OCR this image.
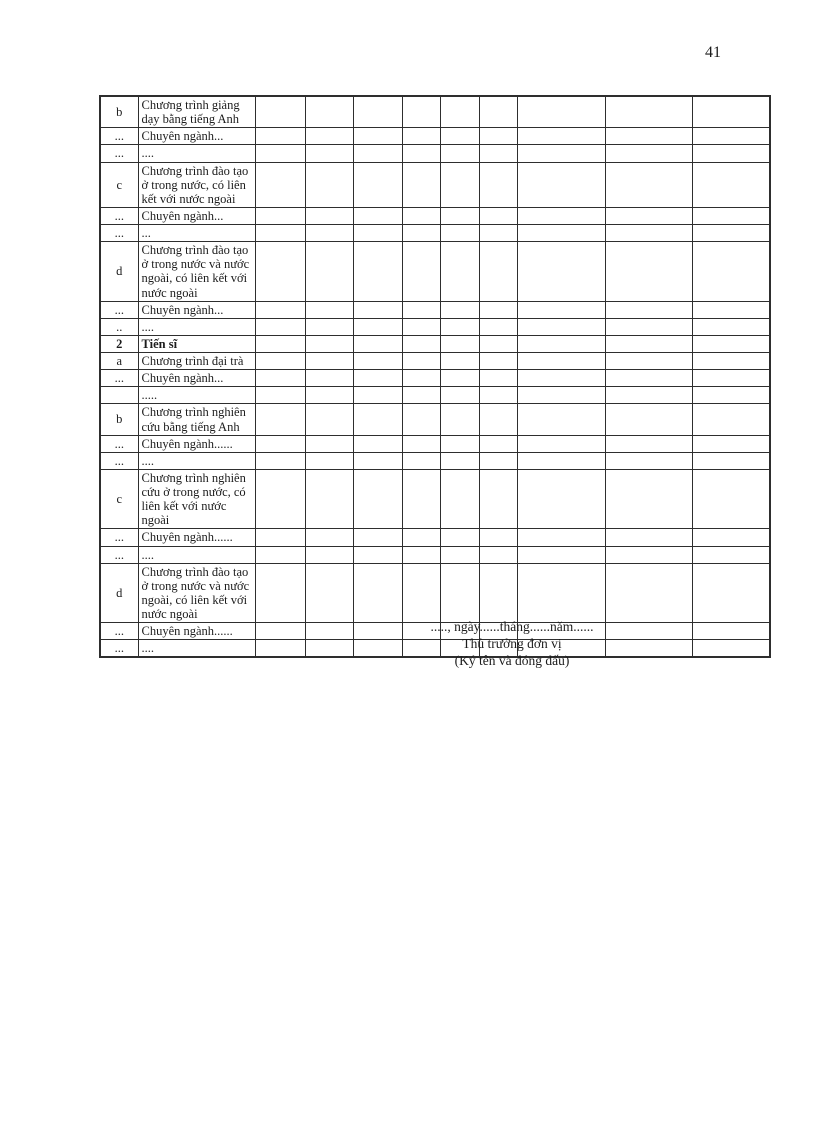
41
b	Chương trình giảng dạy bằng tiếng Anh									
...	Chuyên ngành...									
...	....									
c	Chương trình đào tạo ở trong nước, có liên kết với nước ngoài									
...	Chuyên ngành...									
...	...									
d	Chương trình đào tạo ở trong nước và nước ngoài, có liên kết với nước ngoài									
...	Chuyên ngành...									
..	....									
2	Tiến sĩ									
a	Chương trình đại trà									
...	Chuyên ngành...									
	.....									
b	Chương trình nghiên cứu bằng tiếng Anh									
...	Chuyên ngành......									
...	....									
c	Chương trình nghiên cứu ở trong nước, có liên kết với nước ngoài									
...	Chuyên ngành......									
...	....									
d	Chương trình đào tạo ở trong nước và nước ngoài, có liên kết với nước ngoài									
...	Chuyên ngành......									
...	....									
....., ngày......tháng......năm......
Thủ trưởng đơn vị
(Ký tên và đóng dấu)
